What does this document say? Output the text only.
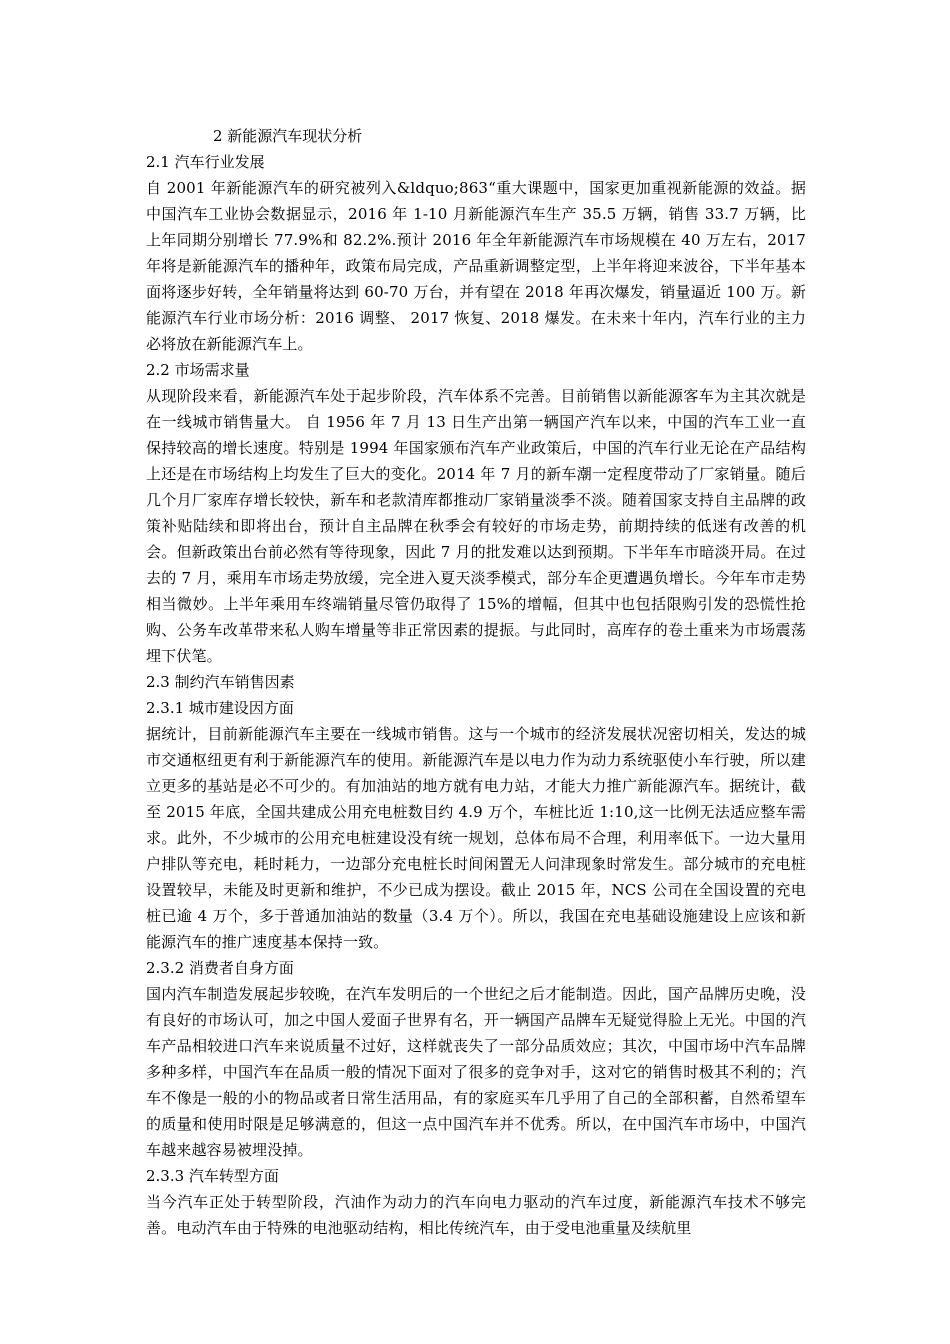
2 新能源汽车现状分析
2.1 汽车行业发展

自 2001 年新能源汽车的研究被列入&ldquo;863“重大课题中，国家更加重视新能源的效益。据中国汽车工业协会数据显示，2016 年 1-10 月新能源汽车生产 35.5 万辆，销售 33.7 万辆，比上年同期分别增长 77.9%和 82.2%.预计 2016 年全年新能源汽车市场规模在 40 万左右，2017 年将是新能源汽车的播种年，政策布局完成，产品重新调整定型，上半年将迎来波谷，下半年基本面将逐步好转，全年销量将达到 60-70 万台，并有望在 2018 年再次爆发，销量逼近 100 万。新能源汽车行业市场分析：2016 调整、 2017 恢复、2018 爆发。在未来十年内，汽车行业的主力必将放在新能源汽车上。

2.2 市场需求量

从现阶段来看，新能源汽车处于起步阶段，汽车体系不完善。目前销售以新能源客车为主其次就是在一线城市销售量大。 自 1956 年 7 月 13 日生产出第一辆国产汽车以来，中国的汽车工业一直保持较高的增长速度。特别是 1994 年国家颁布汽车产业政策后，中国的汽车行业无论在产品结构上还是在市场结构上均发生了巨大的变化。2014 年 7 月的新车潮一定程度带动了厂家销量。随后几个月厂家库存增长较快，新车和老款清库都推动厂家销量淡季不淡。随着国家支持自主品牌的政策补贴陆续和即将出台，预计自主品牌在秋季会有较好的市场走势，前期持续的低迷有改善的机会。但新政策出台前必然有等待现象，因此 7 月的批发难以达到预期。下半年车市暗淡开局。在过去的 7 月，乘用车市场走势放缓，完全进入夏天淡季模式，部分车企更遭遇负增长。今年车市走势相当微妙。上半年乘用车终端销量尽管仍取得了 15%的增幅，但其中也包括限购引发的恐慌性抢购、公务车改革带来私人购车增量等非正常因素的提振。与此同时，高库存的卷土重来为市场震荡埋下伏笔。

2.3 制约汽车销售因素
2.3.1 城市建设因方面

据统计，目前新能源汽车主要在一线城市销售。这与一个城市的经济发展状况密切相关，发达的城市交通枢纽更有利于新能源汽车的使用。新能源汽车是以电力作为动力系统驱使小车行驶，所以建立更多的基站是必不可少的。有加油站的地方就有电力站，才能大力推广新能源汽车。据统计，截至 2015 年底，全国共建成公用充电桩数目约 4.9 万个，车桩比近 1:10,这一比例无法适应整车需求。此外，不少城市的公用充电桩建设没有统一规划，总体布局不合理，利用率低下。一边大量用户排队等充电，耗时耗力，一边部分充电桩长时间闲置无人问津现象时常发生。部分城市的充电桩设置较早，未能及时更新和维护，不少已成为摆设。截止 2015 年，NCS 公司在全国设置的充电桩已逾 4 万个，多于普通加油站的数量（3.4 万个）。所以，我国在充电基础设施建设上应该和新能源汽车的推广速度基本保持一致。

2.3.2 消费者自身方面

国内汽车制造发展起步较晚，在汽车发明后的一个世纪之后才能制造。因此，国产品牌历史晚，没有良好的市场认可，加之中国人爱面子世界有名，开一辆国产品牌车无疑觉得脸上无光。中国的汽车产品相较进口汽车来说质量不过好，这样就丧失了一部分品质效应；其次，中国市场中汽车品牌多种多样，中国汽车在品质一般的情况下面对了很多的竞争对手，这对它的销售时极其不利的；汽车不像是一般的小的物品或者日常生活用品，有的家庭买车几乎用了自己的全部积蓄，自然希望车的质量和使用时限是足够满意的，但这一点中国汽车并不优秀。所以，在中国汽车市场中，中国汽车越来越容易被埋没掉。

2.3.3 汽车转型方面

当今汽车正处于转型阶段，汽油作为动力的汽车向电力驱动的汽车过度，新能源汽车技术不够完善。电动汽车由于特殊的电池驱动结构，相比传统汽车，由于受电池重量及续航里
